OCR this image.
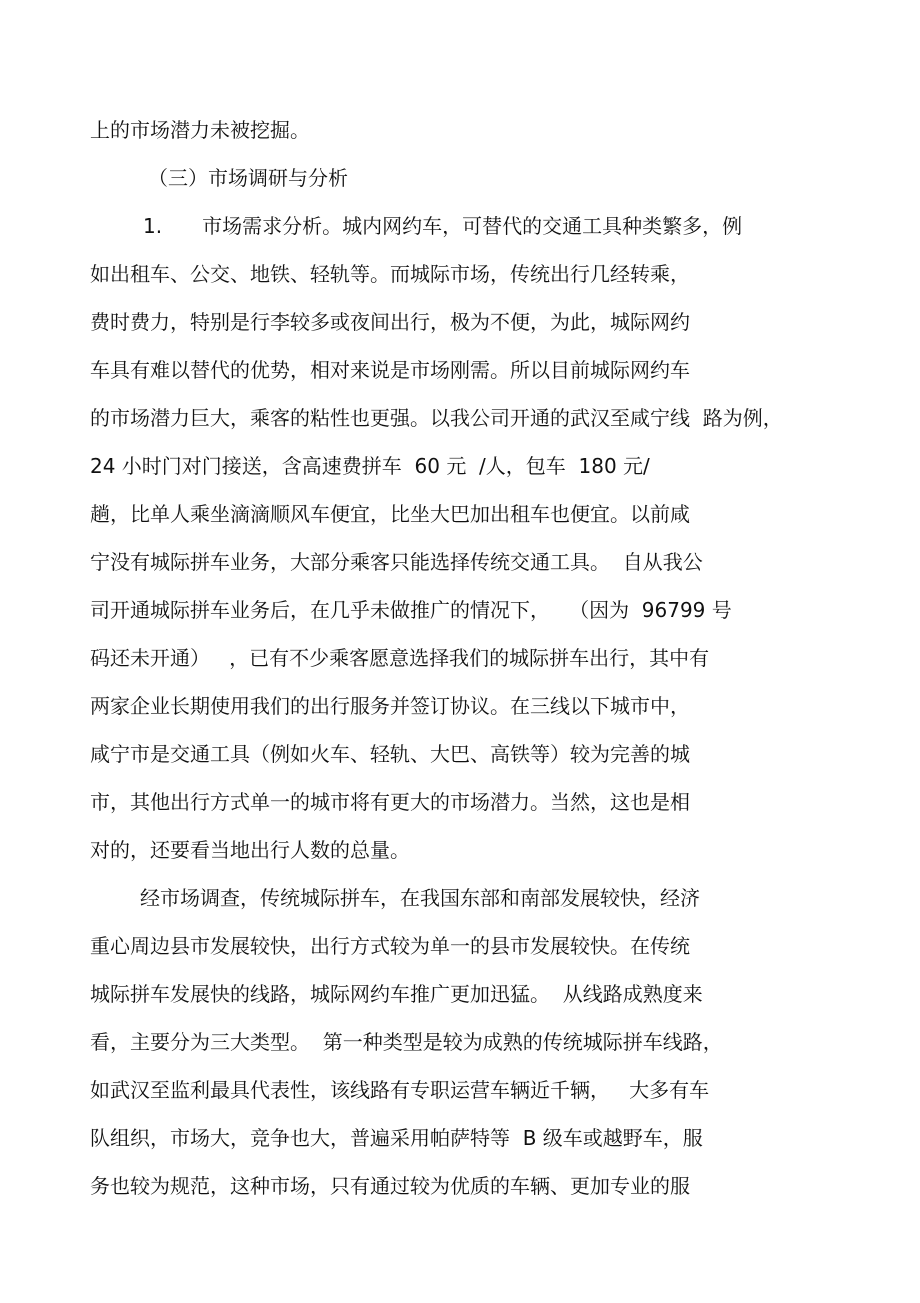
上的市场潜力未被挖掘。

（三）市场调研与分析

1.　　市场需求分析。城内网约车，可替代的交通工具种类繁多，例

如出租车、公交、地铁、轻轨等。而城际市场，传统出行几经转乘，

费时费力，特别是行李较多或夜间出行，极为不便，为此，城际网约

车具有难以替代的优势，相对来说是市场刚需。所以目前城际网约车

的市场潜力巨大，乘客的粘性也更强。以我公司开通的武汉至咸宁线  路为例，

24 小时门对门接送，含高速费拼车  60 元  /人，包车  180 元/

趟，比单人乘坐滴滴顺风车便宜，比坐大巴加出租车也便宜。以前咸

宁没有城际拼车业务，大部分乘客只能选择传统交通工具。  自从我公

司开通城际拼车业务后，在几乎未做推广的情况下，   （因为  96799 号

码还未开通）   ，已有不少乘客愿意选择我们的城际拼车出行，其中有

两家企业长期使用我们的出行服务并签订协议。在三线以下城市中，

咸宁市是交通工具（例如火车、轻轨、大巴、高铁等）较为完善的城

市，其他出行方式单一的城市将有更大的市场潜力。当然，这也是相

对的，还要看当地出行人数的总量。

经市场调查，传统城际拼车，在我国东部和南部发展较快，经济

重心周边县市发展较快，出行方式较为单一的县市发展较快。在传统

城际拼车发展快的线路，城际网约车推广更加迅猛。  从线路成熟度来

看，主要分为三大类型。  第一种类型是较为成熟的传统城际拼车线路，

如武汉至监利最具代表性，该线路有专职运营车辆近千辆，   大多有车

队组织，市场大，竞争也大，普遍采用帕萨特等  B 级车或越野车，服

务也较为规范，这种市场，只有通过较为优质的车辆、更加专业的服
